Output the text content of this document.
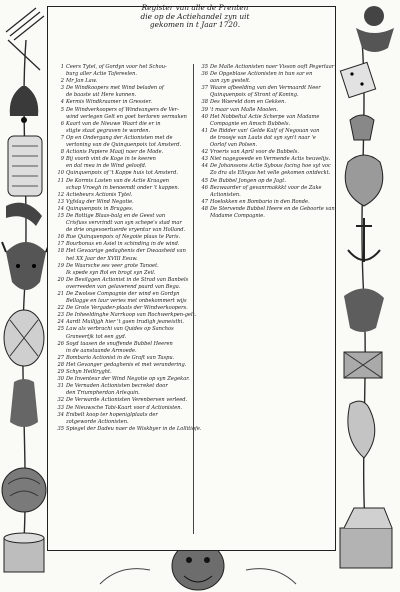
Register van alle de Prenten
die op de Actiehandel zyn uit
gekomen in t Jaar 1720.
1 Ceers Tytel, of Gordyn voor het Schou-
burg aller Actie Tafereelen.
2 Mr Jan Law.
3 De Windkoopers met Wind beladen of
de baaste uit Here kannen.
4 Kermis Windkraamer in Gressier.
5 De Windverkoopers of Windvangers de Ver-
wind verlegen Gelt en goet herloren vermaken
6 Kaart van de Nieuwe Waart die er in
stigte staat gegraven te worden.
7 Op en Ondergang der Actionisten met de
vertoning van de Quinquenpoix tot Amsterd.
8 Actionis Papiere Maaij naer de Mode.
9 Bij voorb vint de Koge in te keeren
en dat mea in de Wind geloofd.
10 Quinquenpoix of 't Kappe huis tot Amsterd.
11 De Kormis Lasten van de Actie Kraagen
schap Vroegh in benoemdt onder 't kappen.
12 Actiebeurs Actionis Tytel.
13 Vyfslag der Wind Negotie.
14 Quinquenpoix in Brugges.
15 De Rottige Blaas-balg en de Geest van
Crisfuss vervrindt van syn schepe's stad mar
de drie ongevoertuerde vryentur van Holland.
16 Rue Quinquenpoix of Negoiie plaas te Paris.
17 Bourbonus en Asiel in schinding in de wind.
18 Het Gevaarige gedaghenis der Dwaasheid van
het XX Jaar der XVIII Eeuw.
19 De Waarsche ses veer grote Tanoet.
Ik spede syn Rol en brogt syn Zeil.
20 De Bevilggen Actionist in de Strad van Banbels
overreeden van gelaverend paard van Bega.
21 De Zwolsse Compagnie der wind en Gordyn
Bellagge en laur veries met onbekommert wijs
22 De Grote Vergader-plaats der Windverkoopers.
23 De Inheeldinghe Narrkoop van Rochwerkpen-gelt.
24 Aardt Muilijgh hier 't gaen trudigh jeaneisthi.
25 Law als verbrachi van Quides op Sanchos
Graneertjk tot een gyd.
26 Soyd taasen de snuffende Bubbel Heeren
in de aanstaande Armoede.
27 Bombario Actionist in de Graft van Taspu.
28 Het Gevanger gedaghenis et met verandering.
29 Schyn Heiltryght.
30 De Inventeur der Wind Negotie op syn Zegekar.
31 De Vernaden Actionisten becreket door
den Triumpherdan Arlequin.
32 De Verwarde Actionisten Verenberven verleed.
33 De Nieuwsche Tabi-Kaart voor d Actionisten.
34 Enibelt koop ter hopeniglplaats der
zotgeworde Actionisten.
35 Spiegel der Dadeu naer de Wiskbyer in de Lollitiofe.
35 De Malle Actionisten naer Visson ooft Pegerlaar
36 De Opgeblase Actionisten in hun sar en
aan zyn gestelt.
37 Waare afbeelding van den Vermaardt Neer
Quinquenpoix of Stront of Koning.
38 Des Waereld dom en Gekken.
39 't maar van Malle Moolen.
40 Het Nobbeltul Actie Scherpe van Madame
Compagnie en Amsch Bubbels.
41 De Ridder van' Gelde Kalf of Negouan van
de troosje van Laats dat syn syn't naar 'e
Oorlof van Polsen.
42 Vroeris van April voor de Bubbels.
43 Niet nagegoeede en Vermende Actis heuvelijs.
44 De Johanssons Actie Sybous facing hoe syt voc
Zo dra als Ellsyas het velle gekomen ontdeckt.
45 De Bubbel Jongen op de Jagt.
46 Bezwaarder of gevanrmakkkt voor de Zake
Actionisten.
47 Hoelokken en Bombario in den Ronde.
48 De Stervende Bubbel Heere en de Geboorte van
Madame Compagnie.
